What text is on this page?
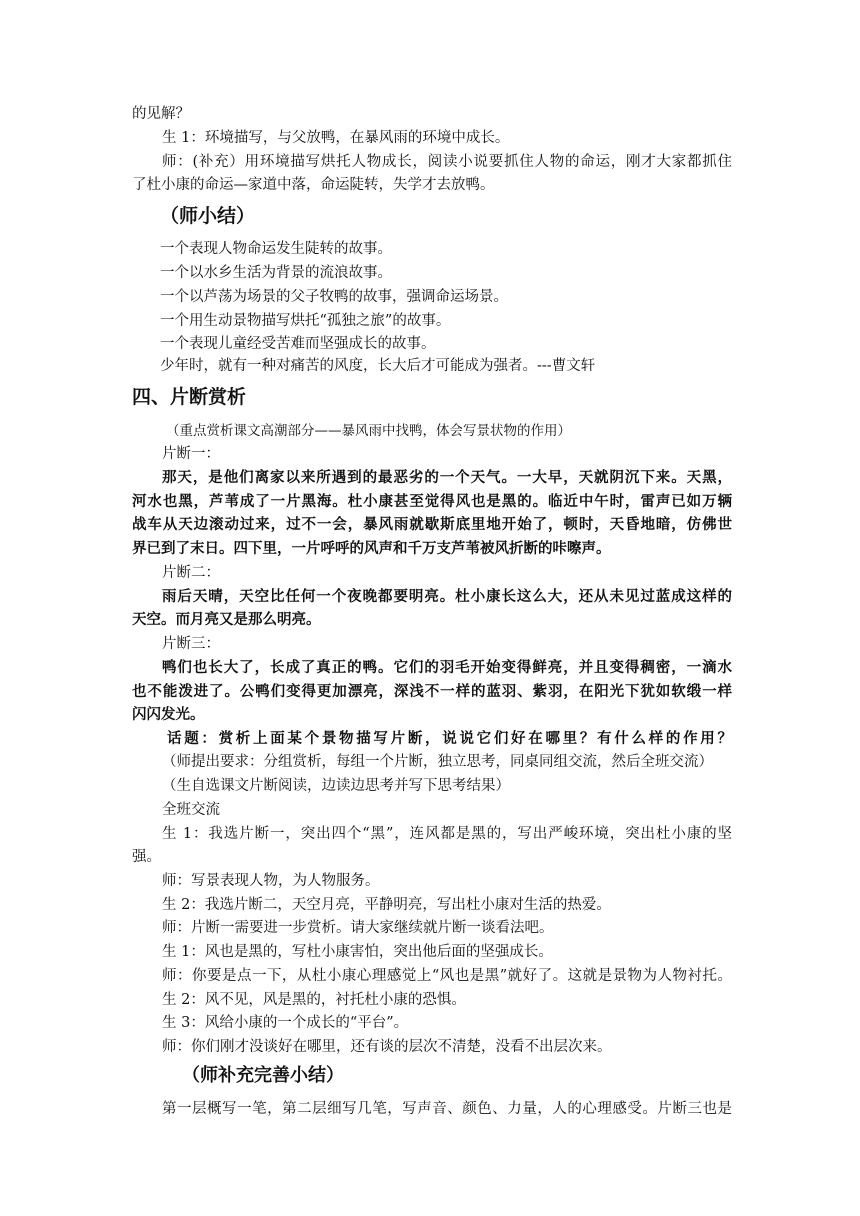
的见解？
生 1：环境描写，与父放鸭，在暴风雨的环境中成长。
师：(补充）用环境描写烘托人物成长，阅读小说要抓住人物的命运，刚才大家都抓住
了杜小康的命运—家道中落，命运陡转，失学才去放鸭。
（师小结）
一个表现人物命运发生陡转的故事。
一个以水乡生活为背景的流浪故事。
一个以芦荡为场景的父子牧鸭的故事，强调命运场景。
一个用生动景物描写烘托“孤独之旅”的故事。
一个表现儿童经受苦难而坚强成长的故事。
少年时，就有一种对痛苦的风度，长大后才可能成为强者。---曹文轩
四、片断赏析
（重点赏析课文高潮部分——暴风雨中找鸭，体会写景状物的作用）
片断一：
那天，是他们离家以来所遇到的最恶劣的一个天气。一大早，天就阴沉下来。天黑，
河水也黑，芦苇成了一片黑海。杜小康甚至觉得风也是黑的。临近中午时，雷声已如万辆
战车从天边滚动过来，过不一会，暴风雨就歇斯底里地开始了，顿时，天昏地暗，仿佛世
界已到了末日。四下里，一片呼呼的风声和千万支芦苇被风折断的咔嚓声。
片断二：
雨后天晴，天空比任何一个夜晚都要明亮。杜小康长这么大，还从未见过蓝成这样的
天空。而月亮又是那么明亮。
片断三：
鸭们也长大了，长成了真正的鸭。它们的羽毛开始变得鲜亮，并且变得稠密，一滴水
也不能泼进了。公鸭们变得更加漂亮，深浅不一样的蓝羽、紫羽，在阳光下犹如软缎一样
闪闪发光。
话题：赏析上面某个景物描写片断，说说它们好在哪里？有什么样的作用？
（师提出要求：分组赏析，每组一个片断，独立思考，同桌同组交流，然后全班交流）
（生自选课文片断阅读，边读边思考并写下思考结果）
全班交流
生 1：我选片断一，突出四个“黑”，连风都是黑的，写出严峻环境，突出杜小康的坚
强。
师：写景表现人物，为人物服务。
生 2：我选片断二，天空月亮，平静明亮，写出杜小康对生活的热爱。
师：片断一需要进一步赏析。请大家继续就片断一谈看法吧。
生 1：风也是黑的，写杜小康害怕，突出他后面的坚强成长。
师：你要是点一下，从杜小康心理感觉上“风也是黑”就好了。这就是景物为人物衬托。
生 2：风不见，风是黑的，衬托杜小康的恐惧。
生 3：风给小康的一个成长的“平台”。
师：你们刚才没谈好在哪里，还有谈的层次不清楚，没看不出层次来。
（师补充完善小结）
第一层概写一笔，第二层细写几笔，写声音、颜色、力量，人的心理感受。片断三也是
